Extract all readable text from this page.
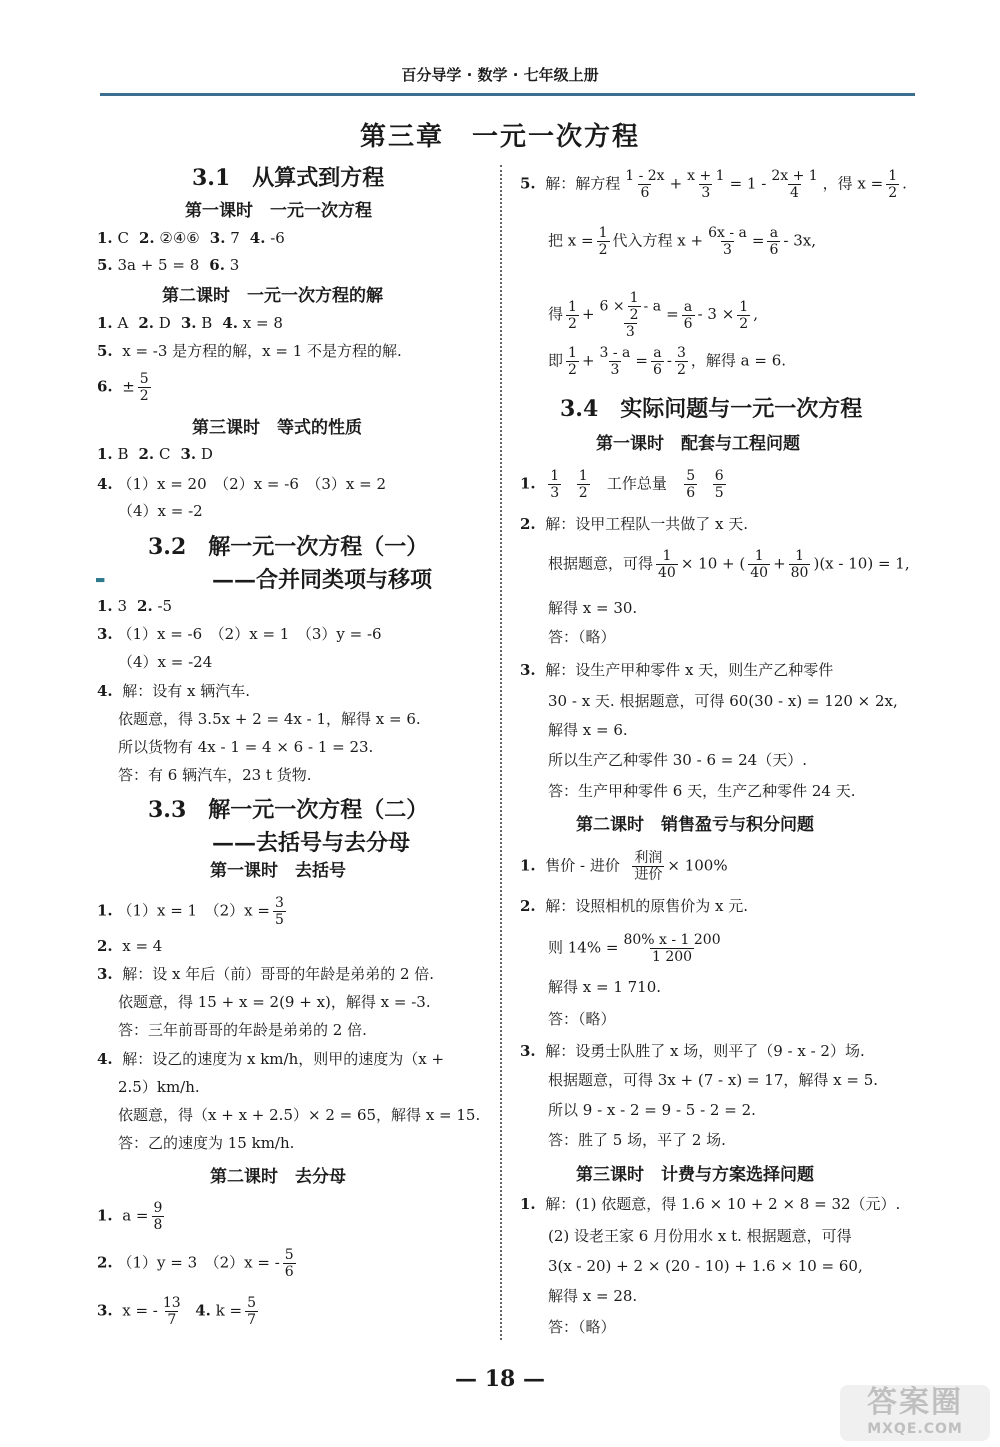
百分导学 · 数学 · 七年级上册
第三章　一元一次方程
▬
3.1　从算式到方程
第一课时　一元一次方程
1. C 2. ②④⑥ 3. 7 4. -6
5. 3a + 5 = 8 6. 3
第二课时　一元一次方程的解
1. A 2. D 3. B 4. x = 8
5. x = -3 是方程的解，x = 1 不是方程的解.
6. ± $\frac{5}{2}$
第三课时　等式的性质
1. B 2. C 3. D
4. （1）x = 20　（2）x = -6　（3）x = 2
（4）x = -2
3.2　解一元一次方程（一）
——合并同类项与移项
1. 3 2. -5
3. （1）x = -6　（2）x = 1　（3）y = -6
（4）x = -24
4. 解：设有 x 辆汽车.
依题意，得 3.5x + 2 = 4x - 1，解得 x = 6.
所以货物有 4x - 1 = 4 × 6 - 1 = 23.
答：有 6 辆汽车，23 t 货物.
3.3　解一元一次方程（二）
——去括号与去分母
第一课时　去括号
1. （1）x = 1　$(2)x = \frac{3}{5}$
2. x = 4
3. 解：设 x 年后（前）哥哥的年龄是弟弟的 2 倍.
依题意，得 15 + x = 2(9 + x)，解得 x = -3.
答：三年前哥哥的年龄是弟弟的 2 倍.
4. 解：设乙的速度为 x km/h，则甲的速度为（x +
2.5）km/h.
依题意，得（x + x + 2.5）× 2 = 65，解得 x = 15.
答：乙的速度为 15 km/h.
第二课时　去分母
1. $a = \frac{9}{8}$
2. （1）y = 3　（2）x = - $\frac{5}{6}$
3. x = - $\frac{13}{7} 4$. $k = \frac{5}{7}$
5. 解：解方程 $\frac{1 - 2x}{6} + \frac{x + 1}{3} = 1 - \frac{2x + 1}{4}$ ，得 $x = \frac{1}{2}$ .
把 $x = \frac{1}{2}$ 代入方程 $x + \frac{6x - a}{3} = \frac{a}{6} - 3x$,
得 $\frac{1}{2} + \frac{6 \times \frac{1}{2} - a}{3} = \frac{a}{6} - 3 \times \frac{1}{2}$ ,
即 $\frac{1}{2} + \frac{3 - a}{3} = \frac{a}{6} - \frac{3}{2}$ ，解得 a = 6.
3.4　实际问题与一元一次方程
第一课时　配套与工程问题
1. $\frac{1}{3}$
$\frac{1}{2}$ 工作总量 $\frac{5}{6}$
$\frac{6}{5}$
2. 解：设甲工程队一共做了 x 天.
根据题意，可得 $\frac{1}{40} \times 10$ + ( $\frac{1}{40} + \frac{1}{80} )(x - 10) = 1$,
解得 x = 30.
答：（略）
3. 解：设生产甲种零件 x 天，则生产乙种零件
30 - x 天. 根据题意，可得 60(30 - x) = 120 × 2x,
解得 x = 6.
所以生产乙种零件 30 - 6 = 24（天）.
答：生产甲种零件 6 天，生产乙种零件 24 天.
第二课时　销售盈亏与积分问题
1. 售价 - 进价 $\frac{\text{利润}}{\text{进价}} \times 100\%$
2. 解：设照相机的原售价为 x 元.
则 $14\% = \frac{80\% x - 1 200}{1 200}$
解得 x = 1 710.
答：（略）
3. 解：设勇士队胜了 x 场，则平了（9 - x - 2）场.
根据题意，可得 3x + (7 - x) = 17，解得 x = 5.
所以 9 - x - 2 = 9 - 5 - 2 = 2.
答：胜了 5 场，平了 2 场.
第三课时　计费与方案选择问题
1. 解：(1) 依题意，得 1.6 × 10 + 2 × 8 = 32（元）.
(2) 设老王家 6 月份用水 x t. 根据题意，可得
3(x - 20) + 2 × (20 - 10) + 1.6 × 10 = 60,
解得 x = 28.
答：（略）
— 18 —
答案圈
MXQE.COM
